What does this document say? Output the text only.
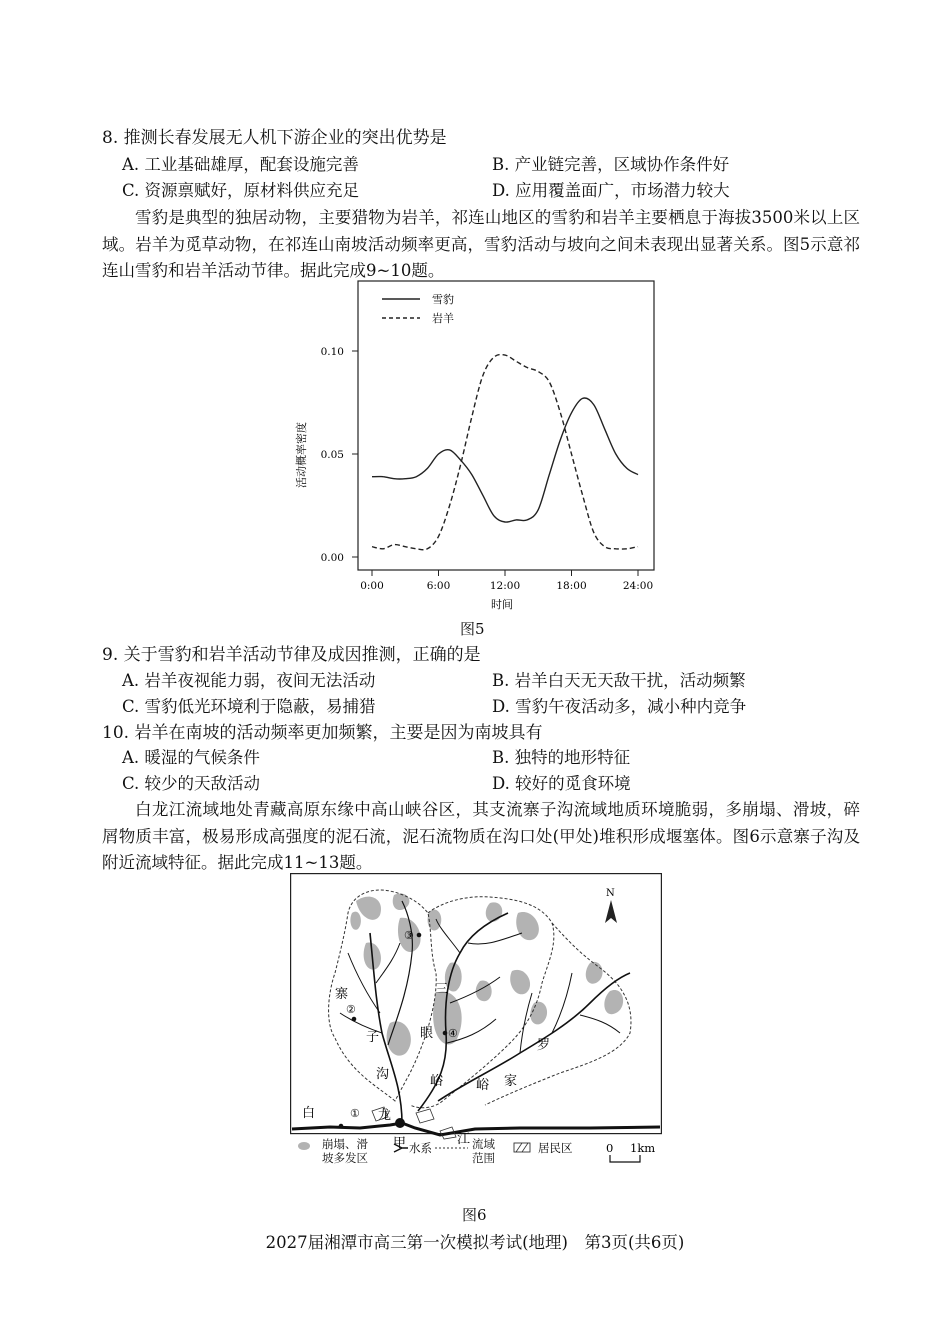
8. 推测长春发展无人机下游企业的突出优势是
A. 工业基础雄厚，配套设施完善	B. 产业链完善，区域协作条件好
C. 资源禀赋好，原材料供应充足	D. 应用覆盖面广，市场潜力较大
雪豹是典型的独居动物，主要猎物为岩羊，祁连山地区的雪豹和岩羊主要栖息于海拔3500米以上区域。岩羊为觅草动物，在祁连山南坡活动频率更高，雪豹活动与坡向之间未表现出显著关系。图5示意祁连山雪豹和岩羊活动节律。据此完成9~10题。
雪豹
岩羊
0.00
0.05
0.10
0:00	6:00	12:00	18:00	24:00
活动概率密度
时间
图5
9. 关于雪豹和岩羊活动节律及成因推测，正确的是
A. 岩羊夜视能力弱，夜间无法活动	B. 岩羊白天无天敌干扰，活动频繁
C. 雪豹低光环境利于隐蔽，易捕猎	D. 雪豹午夜活动多，减小种内竞争
10. 岩羊在南坡的活动频率更加频繁，主要是因为南坡具有
A. 暖湿的气候条件	B. 独特的地形特征
C. 较少的天敌活动	D. 较好的觅食环境
白龙江流域地处青藏高原东缘中高山峡谷区，其支流寨子沟流域地质环境脆弱，多崩塌、滑坡，碎屑物质丰富，极易形成高强度的泥石流，泥石流物质在沟口处(甲处)堆积形成堰塞体。图6示意寨子沟及附近流域特征。据此完成11~13题。
N
白	① 龙
甲	江
寨
子
沟
②
③
三
眼 ④
峪
罗
家
峪
崩塌、滑坡多发区
水系	流域范围
居民区	0 1km
图6
2027届湘潭市高三第一次模拟考试(地理)　第3页(共6页)
